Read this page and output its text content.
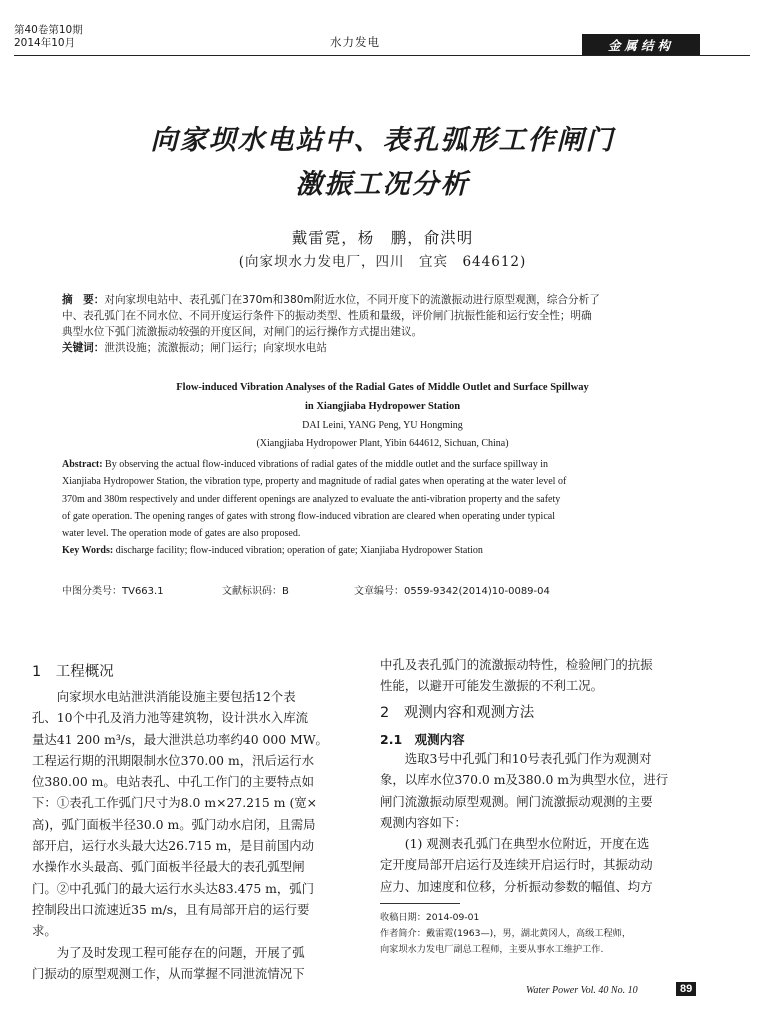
第40卷第10期
2014年10月	水力发电	金属结构
向家坝水电站中、表孔弧形工作闸门
激振工况分析
戴雷霓，杨　鹏，俞洪明
(向家坝水力发电厂，四川　宜宾　644612)
摘　要：对向家坝电站中、表孔弧门在370m和380m附近水位，不同开度下的流激振动进行原型观测，综合分析了
中、表孔弧门在不同水位、不同开度运行条件下的振动类型、性质和量级，评价闸门抗振性能和运行安全性；明确
典型水位下弧门流激振动较强的开度区间，对闸门的运行操作方式提出建议。
关键词：泄洪设施；流激振动；闸门运行；向家坝水电站
Flow-induced Vibration Analyses of the Radial Gates of Middle Outlet and Surface Spillway
in Xiangjiaba Hydropower Station
DAI Leini, YANG Peng, YU Hongming
(Xiangjiaba Hydropower Plant, Yibin 644612, Sichuan, China)
Abstract: By observing the actual flow-induced vibrations of radial gates of the middle outlet and the surface spillway in
Xianjiaba Hydropower Station, the vibration type, property and magnitude of radial gates when operating at the water level of
370m and 380m respectively and under different openings are analyzed to evaluate the anti-vibration property and the safety
of gate operation. The opening ranges of gates with strong flow-induced vibration are cleared when operating under typical
water level. The operation mode of gates are also proposed.
Key Words: discharge facility; flow-induced vibration; operation of gate; Xianjiaba Hydropower Station
中图分类号：TV663.1	文献标识码：B	文章编号：0559-9342(2014)10-0089-04
1　工程概况
　　向家坝水电站泄洪消能设施主要包括12个表
孔、10个中孔及消力池等建筑物，设计洪水入库流
量达41 200 m³/s，最大泄洪总功率约40 000 MW。
工程运行期的汛期限制水位370.00 m，汛后运行水
位380.00 m。电站表孔、中孔工作门的主要特点如
下：①表孔工作弧门尺寸为8.0 m×27.215 m (宽×
高)，弧门面板半径30.0 m。弧门动水启闭，且需局
部开启，运行水头最大达26.715 m，是目前国内动
水操作水头最高、弧门面板半径最大的表孔弧型闸
门。②中孔弧门的最大运行水头达83.475 m，弧门
控制段出口流速近35 m/s，且有局部开启的运行要
求。
　　为了及时发现工程可能存在的问题，开展了弧
门振动的原型观测工作，从而掌握不同泄流情况下
中孔及表孔弧门的流激振动特性，检验闸门的抗振
性能，以避开可能发生激振的不利工况。
2　观测内容和观测方法
2.1　观测内容
　　选取3号中孔弧门和10号表孔弧门作为观测对
象，以库水位370.0 m及380.0 m为典型水位，进行
闸门流激振动原型观测。闸门流激振动观测的主要
观测内容如下：
　　(1) 观测表孔弧门在典型水位附近，开度在选
定开度局部开启运行及连续开启运行时，其振动动
应力、加速度和位移，分析振动参数的幅值、均方
收稿日期：2014-09-01
作者简介：戴雷霓(1963—)，男，湖北黄冈人，高级工程师，
向家坝水力发电厂副总工程师，主要从事水工维护工作.
Water Power Vol. 40 No. 10	89
